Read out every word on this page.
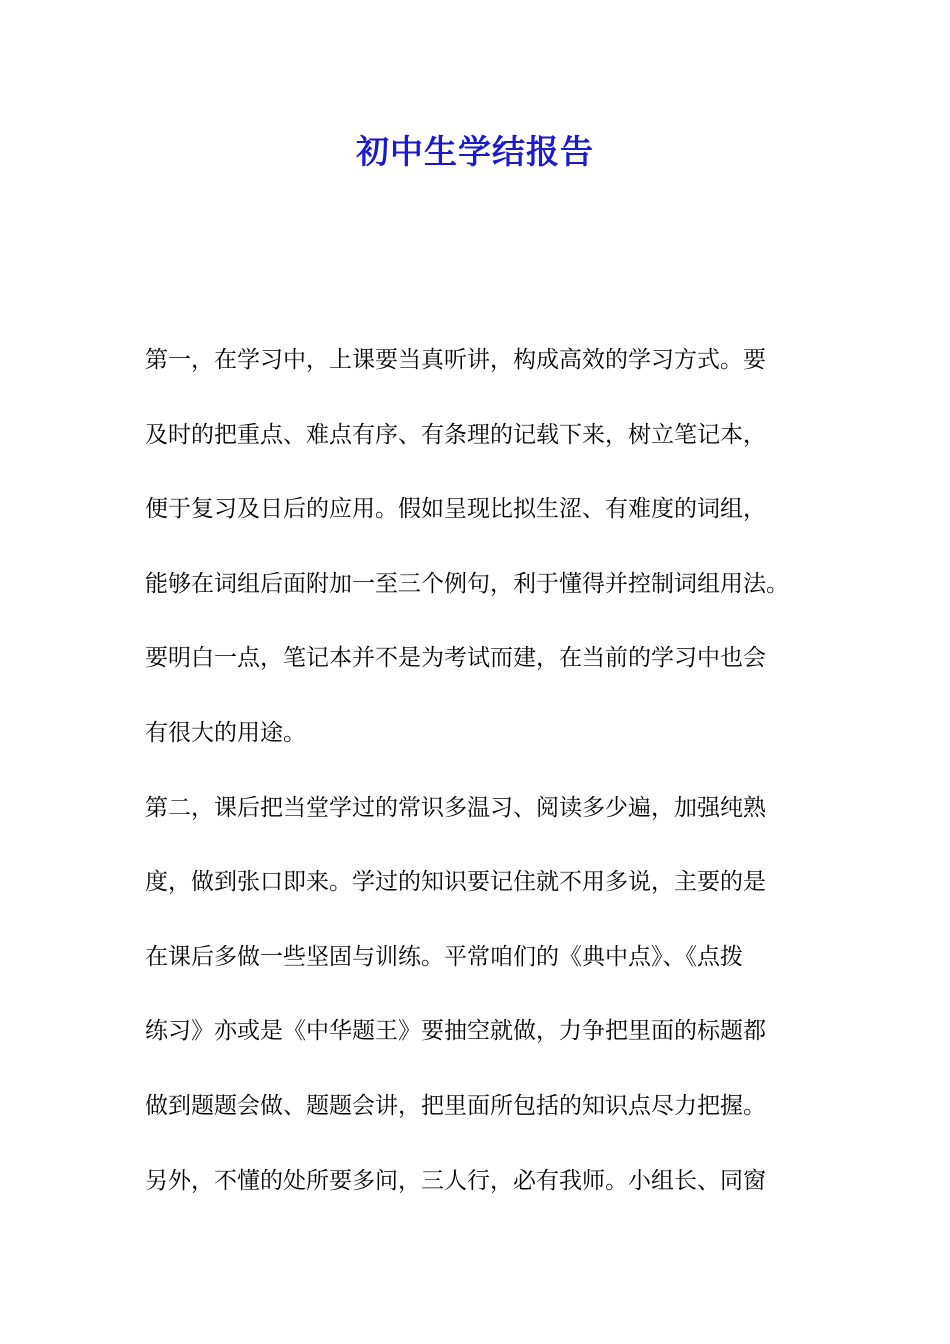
初中生学结报告
第一，在学习中，上课要当真听讲，构成高效的学习方式。要
及时的把重点、难点有序、有条理的记载下来，树立笔记本，
便于复习及日后的应用。假如呈现比拟生涩、有难度的词组，
能够在词组后面附加一至三个例句，利于懂得并控制词组用法。
要明白一点，笔记本并不是为考试而建，在当前的学习中也会
有很大的用途。
第二，课后把当堂学过的常识多温习、阅读多少遍，加强纯熟
度，做到张口即来。学过的知识要记住就不用多说，主要的是
在课后多做一些坚固与训练。平常咱们的《典中点》、《点拨
练习》亦或是《中华题王》要抽空就做，力争把里面的标题都
做到题题会做、题题会讲，把里面所包括的知识点尽力把握。
另外，不懂的处所要多问，三人行，必有我师。小组长、同窗
